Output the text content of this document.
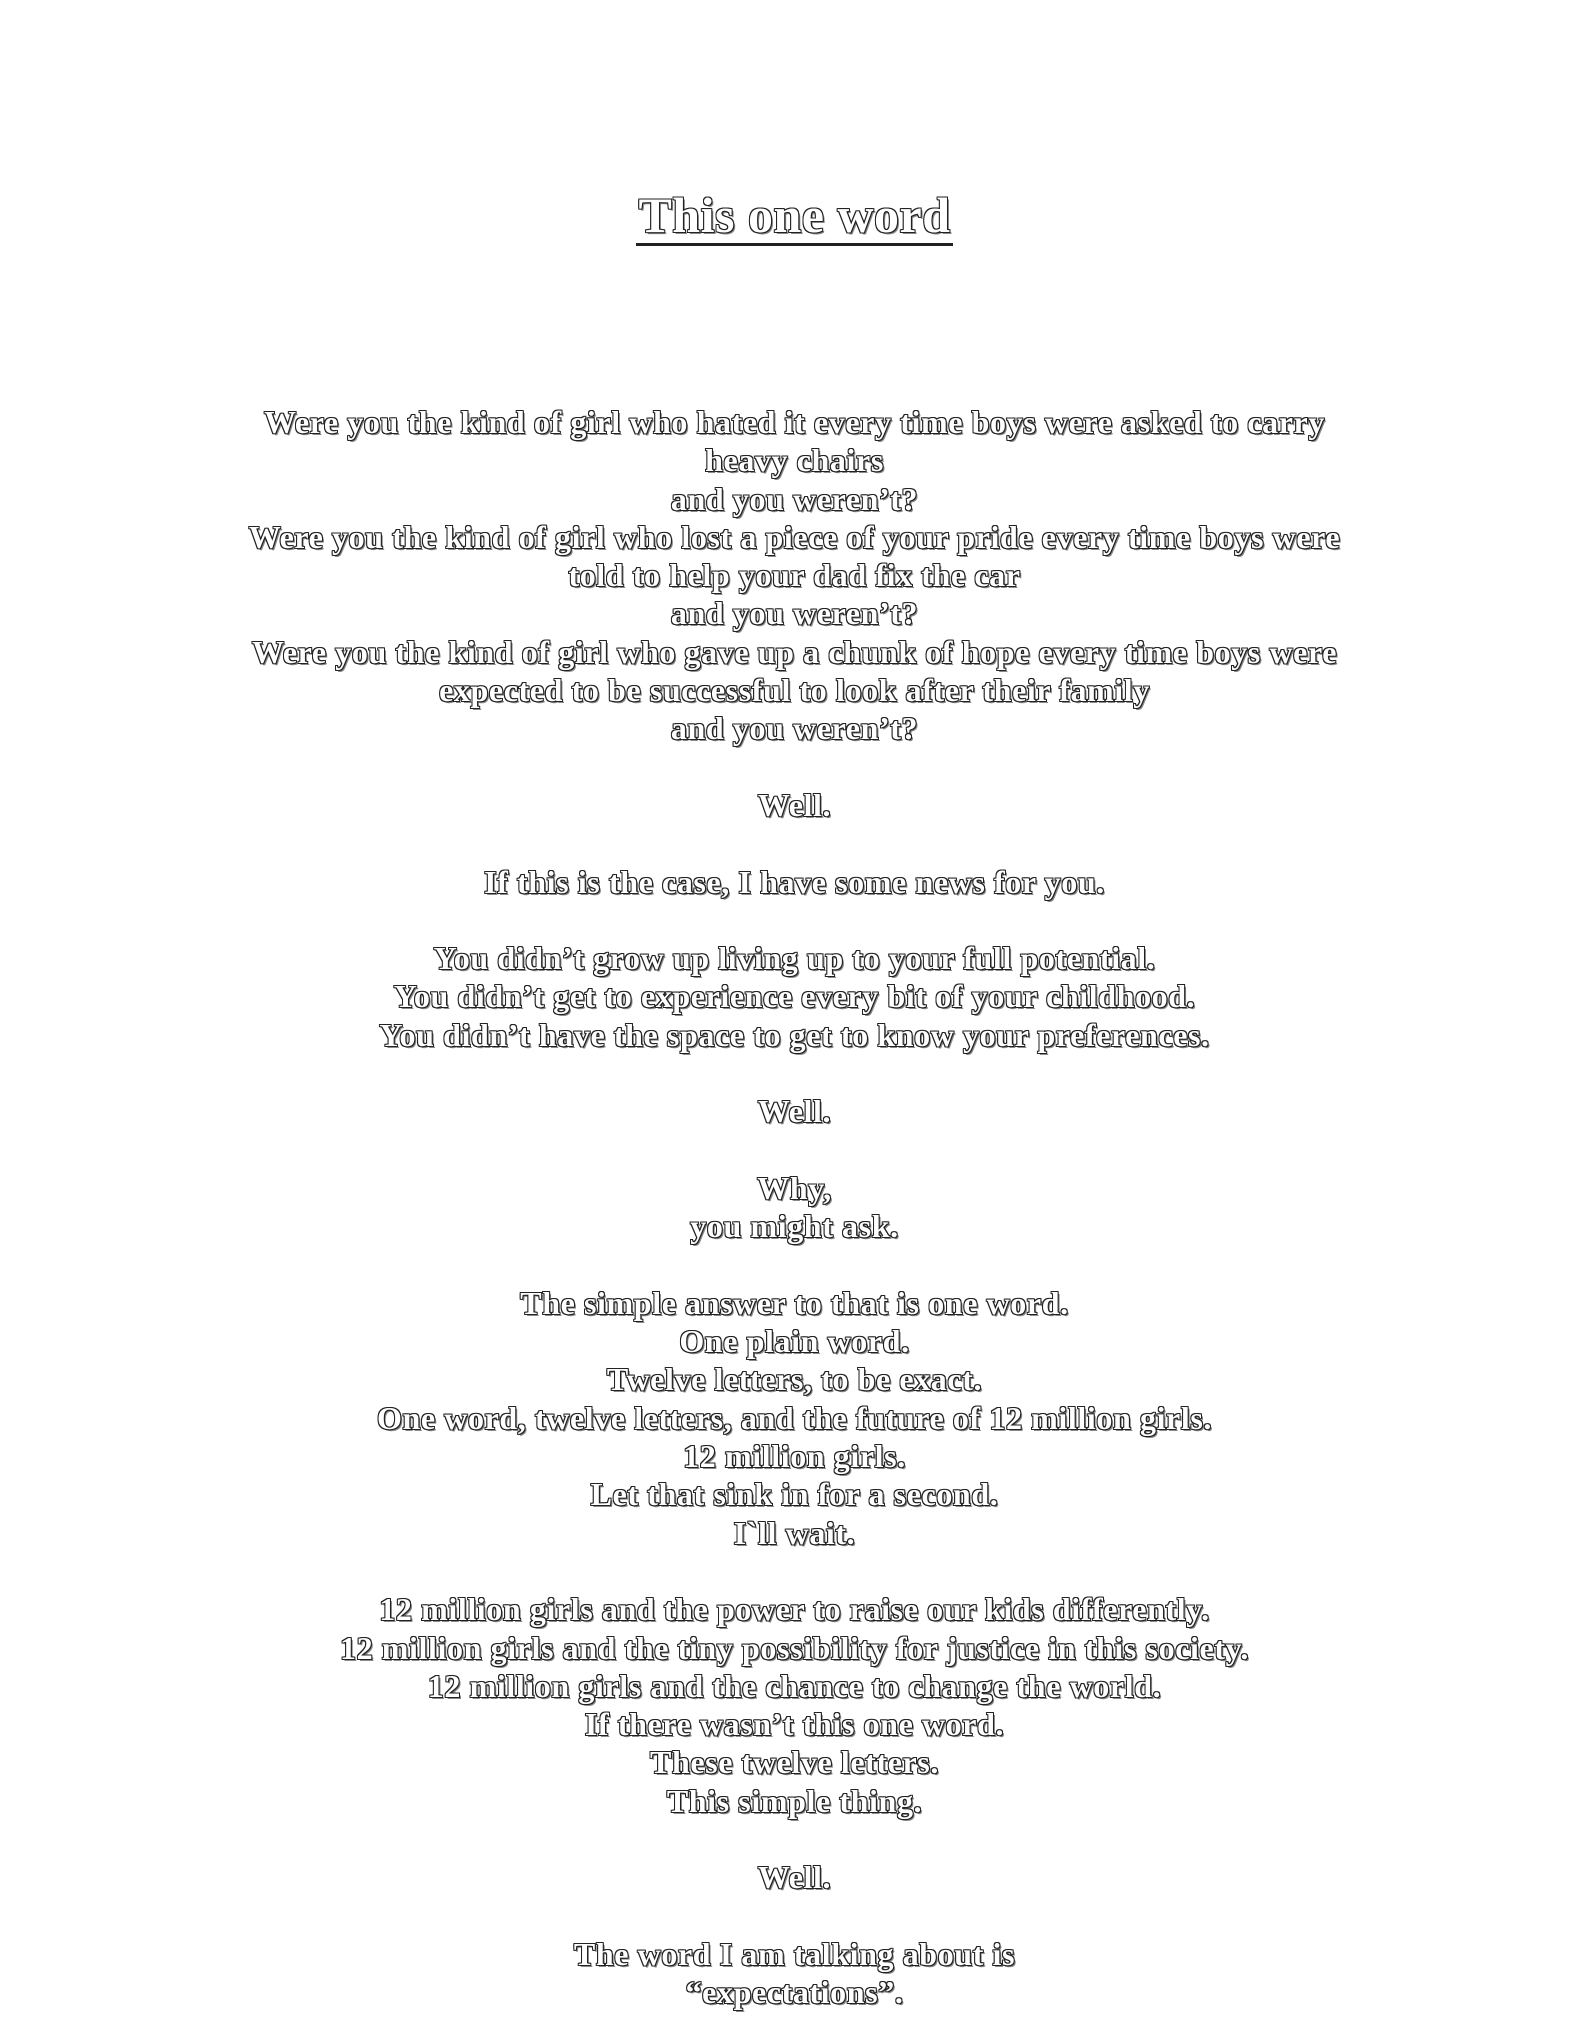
This one word
Were you the kind of girl who hated it every time boys were asked to carry
heavy chairs
and you weren’t?
Were you the kind of girl who lost a piece of your pride every time boys were
told to help your dad fix the car
and you weren’t?
Were you the kind of girl who gave up a chunk of hope every time boys were
expected to be successful to look after their family
and you weren’t?
Well.
If this is the case, I have some news for you.
You didn’t grow up living up to your full potential.
You didn’t get to experience every bit of your childhood.
You didn’t have the space to get to know your preferences.
Well.
Why,
you might ask.
The simple answer to that is one word.
One plain word.
Twelve letters, to be exact.
One word, twelve letters, and the future of 12 million girls.
12 million girls.
Let that sink in for a second.
I`ll wait.
12 million girls and the power to raise our kids differently.
12 million girls and the tiny possibility for justice in this society.
12 million girls and the chance to change the world.
If there wasn’t this one word.
These twelve letters.
This simple thing.
Well.
The word I am talking about is
“expectations”.
